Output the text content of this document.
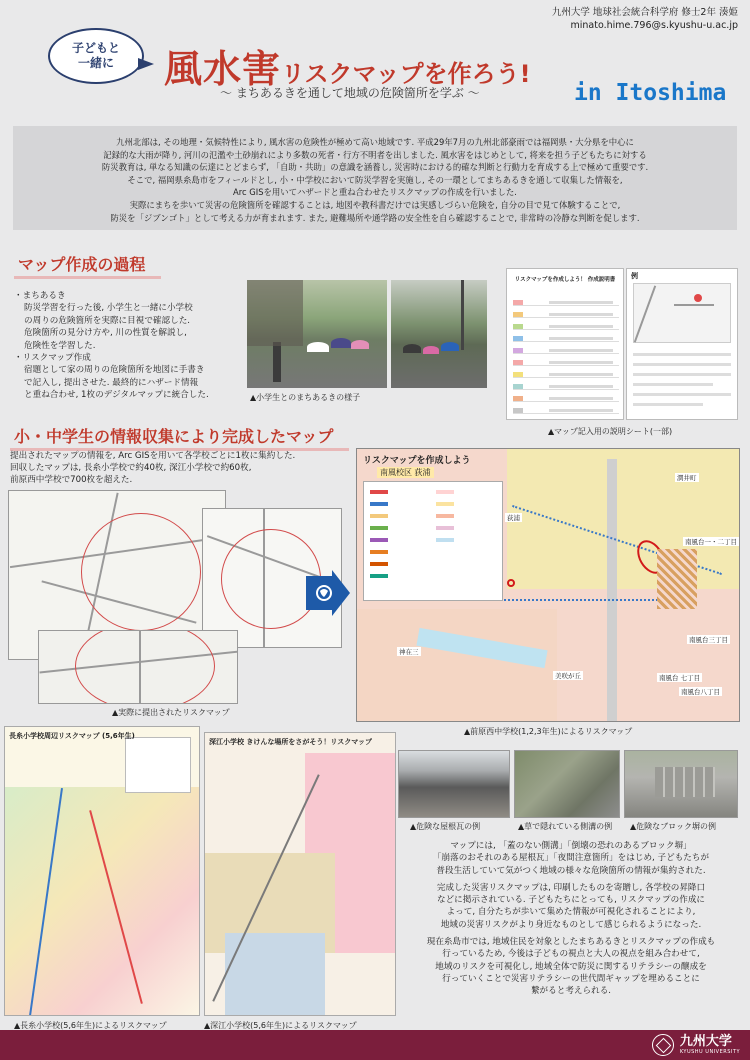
九州大学 地球社会統合科学府 修士2年 湊姫
minato.hime.796@s.kyushu-u.ac.jp
子どもと
一緒に 風水害リスクマップを作ろう!
〜 まちあるきを通して地域の危険箇所を学ぶ 〜	in Itoshima

九州北部は, その地理・気候特性により, 風水害の危険性が極めて高い地域です. 平成29年7月の九州北部豪雨では福岡県・大分県を中心に

記録的な大雨が降り, 河川の氾濫や土砂崩れにより多数の死者・行方不明者を出しました. 風水害をはじめとして, 将来を担う子どもたちに対する

防災教育は, 単なる知識の伝達にとどまらず, 「自助・共助」の意識を涵養し, 災害時における的確な判断と行動力を育成する上で極めて重要です.

そこで, 福岡県糸島市をフィールドとし, 小・中学校において防災学習を実施し, その一環としてまちあるきを通して収集した情報を,

Arc GISを用いてハザードと重ね合わせたリスクマップの作成を行いました.

実際にまちを歩いて災害の危険箇所を確認することは, 地図や教科書だけでは実感しづらい危険を, 自分の目で見て体験することで,

防災を「ジブンゴト」として考える力が育まれます. また, 避難場所や通学路の安全性を自ら確認することで, 非常時の冷静な判断を促します.

マップ作成の過程
・まちあるき
防災学習を行った後, 小学生と一緒に小学校
の周りの危険箇所を実際に目視で確認した.
危険箇所の見分け方や, 川の性質を解説し,
危険性を学習した.
・リスクマップ作成
宿題として家の周りの危険箇所を地図に手書き
で記入し, 提出させた. 最終的にハザード情報
と重ね合わせ, 1枚のデジタルマップに統合した.	▲小学生とのまちあるきの様子
リスクマップを作成しよう！ 作成説明書	例
▲マップ記入用の説明シート(一部)
小・中学生の情報収集により完成したマップ
提出されたマップの情報を, Arc GISを用いて各学校ごとに1枚に集約した.
回収したマップは, 長糸小学校で約40枚, 深江小学校で約60枚,
前原西中学校で700枚を超えた.
▲実際に提出されたリスクマップ
リスクマップを作成しよう
南風校区 荻浦
荻浦
神在三
美咲が丘
南風台一・二丁目
南風台三丁目
南風台 七丁目
南風台八丁目
潤井町
▲前原西中学校(1,2,3年生)によるリスクマップ
長糸小学校周辺リスクマップ (5,6年生)
深江小学校 きけんな場所をさがそう！リスクマップ
▲長糸小学校(5,6年生)によるリスクマップ	▲深江小学校(5,6年生)によるリスクマップ
▲危険な屋根瓦の例	▲草で隠れている側溝の例 ▲危険なブロック塀の例

マップには, 「蓋のない側溝」「倒壊の恐れのあるブロック塀」
「崩落のおそれのある屋根瓦」「夜間注意箇所」をはじめ, 子どもたちが
普段生活していて気がつく地域の様々な危険箇所の情報が集約された.

完成した災害リスクマップは, 印刷したものを寄贈し, 各学校の昇降口
などに掲示されている. 子どもたちにとっても, リスクマップの作成に
よって, 自分たちが歩いて集めた情報が可視化されることにより,
地域の災害リスクがより身近なものとして感じられるようになった.

現在糸島市では, 地域住民を対象としたまちあるきとリスクマップの作成も
行っているため, 今後は子どもの視点と大人の視点を組み合わせて,
地域のリスクを可視化し, 地域全体で防災に関するリテラシーの醸成を
行っていくことで災害リテラシーの世代間ギャップを埋めることに
繋がると考えられる.

九州大学
KYUSHU UNIVERSITY
